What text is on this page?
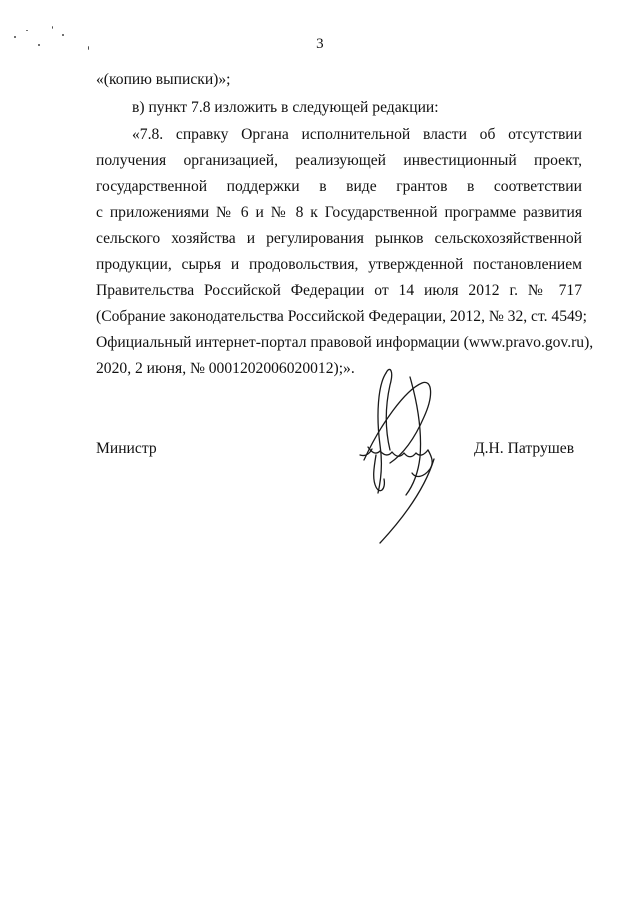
3
«(копию выписки)»;
в) пункт 7.8 изложить в следующей редакции:
«7.8. справку Органа исполнительной власти об отсутствии
получения организацией, реализующей инвестиционный проект,
государственной поддержки в виде грантов в соответствии
с приложениями № 6 и № 8 к Государственной программе развития
сельского хозяйства и регулирования рынков сельскохозяйственной
продукции, сырья и продовольствия, утвержденной постановлением
Правительства Российской Федерации от 14 июля 2012 г. № 717
(Собрание законодательства Российской Федерации, 2012, № 32, ст. 4549;
Официальный интернет-портал правовой информации (www.pravo.gov.ru),
2020, 2 июня, № 0001202006020012);».
Министр	Д.Н. Патрушев
